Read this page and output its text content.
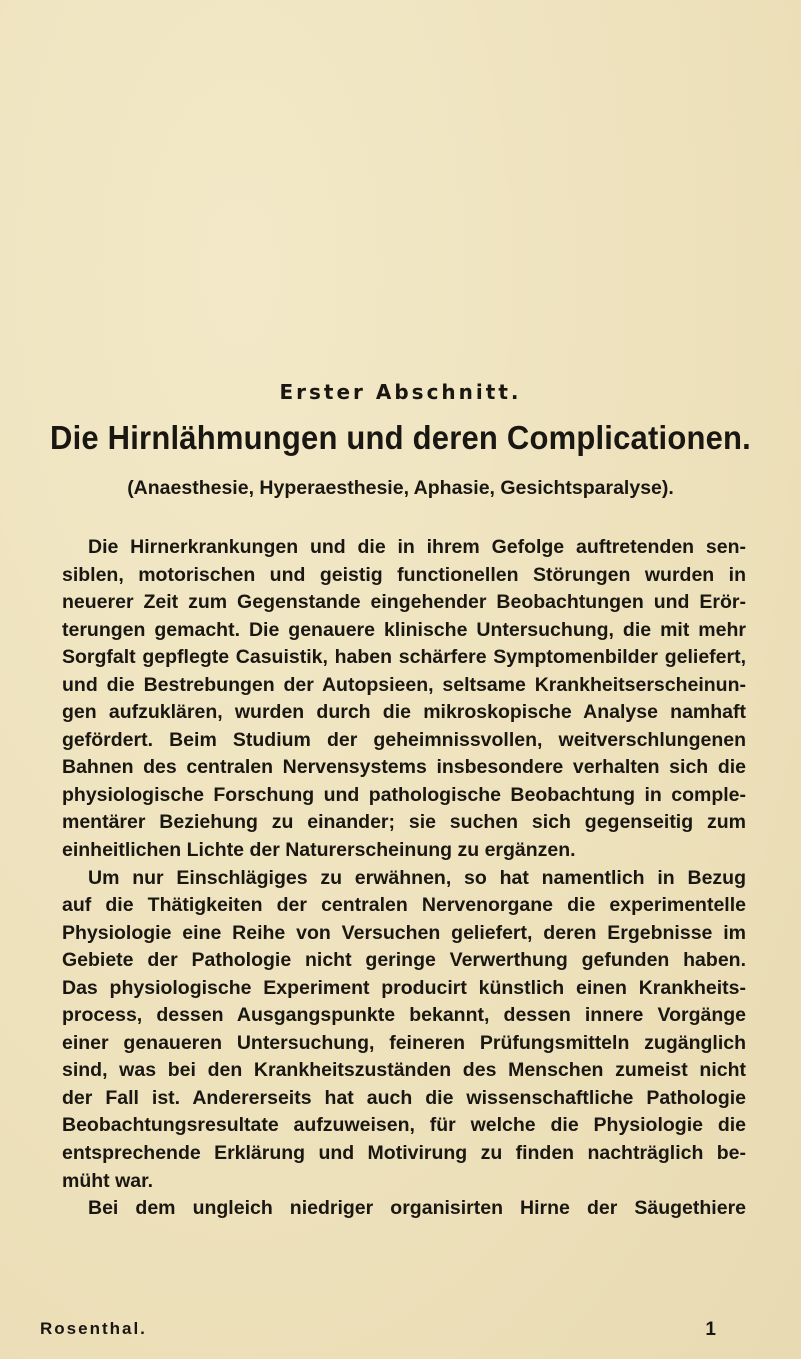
Erster Abschnitt.
Die Hirnlähmungen und deren Complicationen.
(Anaesthesie, Hyperaesthesie, Aphasie, Gesichtsparalyse).
Die Hirnerkrankungen und die in ihrem Gefolge auftretenden sen-
siblen, motorischen und geistig functionellen Störungen wurden in
neuerer Zeit zum Gegenstande eingehender Beobachtungen und Erör-
terungen gemacht. Die genauere klinische Untersuchung, die mit mehr
Sorgfalt gepflegte Casuistik, haben schärfere Symptomenbilder geliefert,
und die Bestrebungen der Autopsieen, seltsame Krankheitserscheinun-
gen aufzuklären, wurden durch die mikroskopische Analyse namhaft
gefördert. Beim Studium der geheimnissvollen, weitverschlungenen
Bahnen des centralen Nervensystems insbesondere verhalten sich die
physiologische Forschung und pathologische Beobachtung in comple-
mentärer Beziehung zu einander; sie suchen sich gegenseitig zum
einheitlichen Lichte der Naturerscheinung zu ergänzen.
Um nur Einschlägiges zu erwähnen, so hat namentlich in Bezug
auf die Thätigkeiten der centralen Nervenorgane die experimentelle
Physiologie eine Reihe von Versuchen geliefert, deren Ergebnisse im
Gebiete der Pathologie nicht geringe Verwerthung gefunden haben.
Das physiologische Experiment producirt künstlich einen Krankheits-
process, dessen Ausgangspunkte bekannt, dessen innere Vorgänge
einer genaueren Untersuchung, feineren Prüfungsmitteln zugänglich
sind, was bei den Krankheitszuständen des Menschen zumeist nicht
der Fall ist. Andererseits hat auch die wissenschaftliche Pathologie
Beobachtungsresultate aufzuweisen, für welche die Physiologie die
entsprechende Erklärung und Motivirung zu finden nachträglich be-
müht war.
Bei dem ungleich niedriger organisirten Hirne der Säugethiere
Rosenthal.	1
